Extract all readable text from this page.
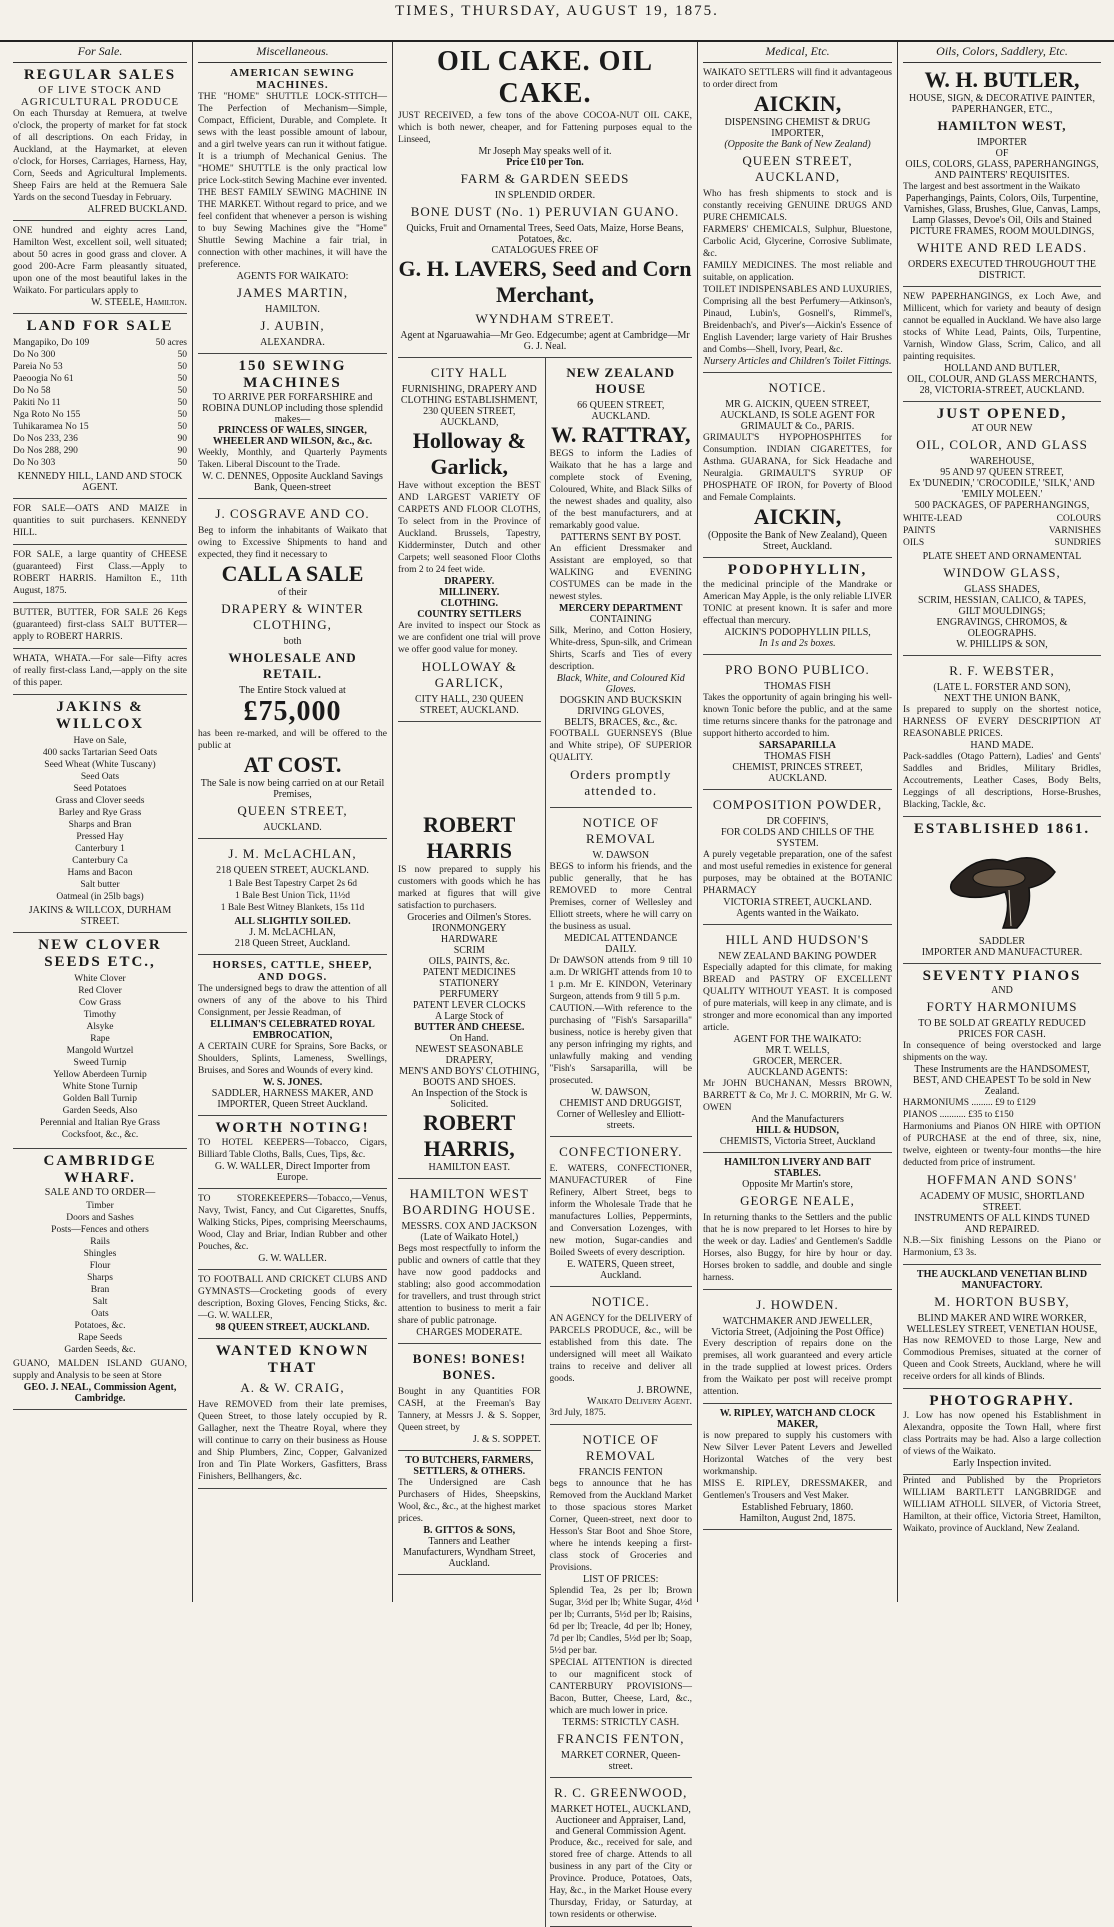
TIMES, THURSDAY, AUGUST 19, 1875.
For Sale.
REGULAR SALES
OF LIVE STOCK AND AGRICULTURAL PRODUCE
On each Thursday at Remuera, at twelve o'clock, the property of market for fat stock of all descriptions. On each Friday, in Auckland, at the Haymarket, at eleven o'clock, for Horses, Carriages, Harness, Hay, Corn, Seeds and Agricultural Implements. Sheep Fairs are held at the Remuera Sale Yards on the second Tuesday in February.
ALFRED BUCKLAND.
ONE hundred and eighty acres Land, Hamilton West, excellent soil, well situated; about 50 acres in good grass and clover. A good 200-Acre Farm pleasantly situated, upon one of the most beautiful lakes in the Waikato. For particulars apply to
W. STEELE, Hamilton.
LAND FOR SALE
Mangapiko, Do 109	50 acres
Do No 300	50
Pareia No 53	50
Paeoogia No 61	50
Do No 58	50
Pakiti No 11	50
Nga Roto No 155	50
Tuhikaramea No 15	50
Do Nos 233, 236	90
Do Nos 288, 290	90
Do No 303	50
KENNEDY HILL, LAND AND STOCK AGENT.
FOR SALE—OATS AND MAIZE in quantities to suit purchasers. KENNEDY HILL.
FOR SALE, a large quantity of CHEESE (guaranteed) First Class.—Apply to ROBERT HARRIS. Hamilton E., 11th August, 1875.
BUTTER, BUTTER, FOR SALE 26 Kegs (guaranteed) first-class SALT BUTTER—apply to ROBERT HARRIS.
WHATA, WHATA.—For sale—Fifty acres of really first-class Land,—apply on the site of this paper.
JAKINS & WILLCOX
Have on Sale,
400 sacks Tartarian Seed Oats
Seed Wheat (White Tuscany)
Seed Oats
Seed Potatoes
Grass and Clover seeds
Barley and Rye Grass
Sharps and Bran
Pressed Hay
Canterbury 1
Canterbury Ca
Hams and Bacon
Salt butter
Oatmeal (in 25lb bags)
JAKINS & WILLCOX, DURHAM STREET.
NEW CLOVER SEEDS ETC.,
White Clover
Red Clover
Cow Grass
Timothy
Alsyke
Rape
Mangold Wurtzel
Sweed Turnip
Yellow Aberdeen Turnip
White Stone Turnip
Golden Ball Turnip
Garden Seeds, Also
Perennial and Italian Rye Grass
Cocksfoot, &c., &c.
CAMBRIDGE WHARF.
SALE AND TO ORDER—
Timber
Doors and Sashes
Posts—Fences and others
Rails
Shingles
Flour
Sharps
Bran
Salt
Oats
Potatoes, &c.
Rape Seeds
Garden Seeds, &c.
GUANO, MALDEN ISLAND GUANO, supply and Analysis to be seen at Store
GEO. J. NEAL, Commission Agent, Cambridge.
Miscellaneous.
AMERICAN SEWING MACHINES.
THE "HOME" SHUTTLE LOCK-STITCH—The Perfection of Mechanism—Simple, Compact, Efficient, Durable, and Complete. It sews with the least possible amount of labour, and a girl twelve years can run it without fatigue. It is a triumph of Mechanical Genius. The "HOME" SHUTTLE is the only practical low price Lock-stitch Sewing Machine ever invented. THE BEST FAMILY SEWING MACHINE IN THE MARKET. Without regard to price, and we feel confident that whenever a person is wishing to buy Sewing Machines give the "Home" Shuttle Sewing Machine a fair trial, in connection with other machines, it will have the preference.
AGENTS FOR WAIKATO:
JAMES MARTIN,
HAMILTON.
J. AUBIN,
ALEXANDRA.
150 SEWING MACHINES
TO ARRIVE PER FORFARSHIRE and ROBINA DUNLOP including those splendid makes—
PRINCESS OF WALES, SINGER, WHEELER AND WILSON, &c., &c.
Weekly, Monthly, and Quarterly Payments Taken. Liberal Discount to the Trade.
W. C. DENNES, Opposite Auckland Savings Bank, Queen-street
J. COSGRAVE AND CO.
Beg to inform the inhabitants of Waikato that owing to Excessive Shipments to hand and expected, they find it necessary to
CALL A SALE
of their
DRAPERY & WINTER CLOTHING,
both
WHOLESALE AND RETAIL.
The Entire Stock valued at
£75,000
has been re-marked, and will be offered to the public at
AT COST.
The Sale is now being carried on at our Retail Premises,
QUEEN STREET,
AUCKLAND.
J. M. McLACHLAN,
218 QUEEN STREET, AUCKLAND.
1 Bale Best Tapestry Carpet 2s 6d
1 Bale Best Union Tick, 11½d
1 Bale Best Witney Blankets, 15s 11d
ALL SLIGHTLY SOILED.
J. M. McLACHLAN,
218 Queen Street, Auckland.
HORSES, CATTLE, SHEEP, AND DOGS.
The undersigned begs to draw the attention of all owners of any of the above to his Third Consignment, per Jessie Readman, of
ELLIMAN'S CELEBRATED ROYAL EMBROCATION,
A CERTAIN CURE for Sprains, Sore Backs, or Shoulders, Splints, Lameness, Swellings, Bruises, and Sores and Wounds of every kind.
W. S. JONES.
SADDLER, HARNESS MAKER, AND IMPORTER, Queen Street Auckland.
WORTH NOTING!
TO HOTEL KEEPERS—Tobacco, Cigars, Billiard Table Cloths, Balls, Cues, Tips, &c.
G. W. WALLER, Direct Importer from Europe.
TO STOREKEEPERS—Tobacco,—Venus, Navy, Twist, Fancy, and Cut Cigarettes, Snuffs, Walking Sticks, Pipes, comprising Meerschaums, Wood, Clay and Briar, Indian Rubber and other Pouches, &c.
G. W. WALLER.
TO FOOTBALL AND CRICKET CLUBS AND GYMNASTS—Crocketing goods of every description, Boxing Gloves, Fencing Sticks, &c.—G. W. WALLER,
98 QUEEN STREET, AUCKLAND.
WANTED KNOWN THAT
A. & W. CRAIG,
Have REMOVED from their late premises, Queen Street, to those lately occupied by R. Gallagher, next the Theatre Royal, where they will continue to carry on their business as House and Ship Plumbers, Zinc, Copper, Galvanized Iron and Tin Plate Workers, Gasfitters, Brass Finishers, Bellhangers, &c.
OIL CAKE. OIL CAKE.
JUST RECEIVED, a few tons of the above COCOA-NUT OIL CAKE, which is both newer, cheaper, and for Fattening purposes equal to the Linseed,
Mr Joseph May speaks well of it.
Price £10 per Ton.
FARM & GARDEN SEEDS
IN SPLENDID ORDER.
BONE DUST (No. 1) PERUVIAN GUANO.
Quicks, Fruit and Ornamental Trees, Seed Oats, Maize, Horse Beans, Potatoes, &c.
CATALOGUES FREE OF
G. H. LAVERS, Seed and Corn Merchant,
WYNDHAM STREET.
Agent at Ngaruawahia—Mr Geo. Edgecumbe; agent at Cambridge—Mr G. J. Neal.
CITY HALL
FURNISHING, DRAPERY AND CLOTHING ESTABLISHMENT,
230 QUEEN STREET, AUCKLAND,
Holloway & Garlick,
Have without exception the BEST AND LARGEST VARIETY OF CARPETS AND FLOOR CLOTHS, To select from in the Province of Auckland. Brussels, Tapestry, Kidderminster, Dutch and other Carpets; well seasoned Floor Cloths from 2 to 24 feet wide.
DRAPERY.
MILLINERY.
CLOTHING.
COUNTRY SETTLERS
Are invited to inspect our Stock as we are confident one trial will prove we offer good value for money.
HOLLOWAY & GARLICK,
CITY HALL, 230 QUEEN STREET, AUCKLAND.
NEW ZEALAND HOUSE
66 QUEEN STREET, AUCKLAND.
W. RATTRAY,
BEGS to inform the Ladies of Waikato that he has a large and complete stock of Evening, Coloured, White, and Black Silks of the newest shades and quality, also of the best manufacturers, and at remarkably good value.
PATTERNS SENT BY POST.
An efficient Dressmaker and Assistant are employed, so that WALKING and EVENING COSTUMES can be made in the newest styles.
MERCERY DEPARTMENT
CONTAINING
Silk, Merino, and Cotton Hosiery, White-dress, Spun-silk, and Crimean Shirts, Scarfs and Ties of every description.
Black, White, and Coloured Kid Gloves.
DOGSKIN AND BUCKSKIN DRIVING GLOVES,
BELTS, BRACES, &c., &c.
FOOTBALL GUERNSEYS (Blue and White stripe), OF SUPERIOR QUALITY.
Orders promptly attended to.
ROBERT HARRIS
IS now prepared to supply his customers with goods which he has marked at figures that will give satisfaction to purchasers.
Groceries and Oilmen's Stores.
IRONMONGERY
HARDWARE
SCRIM
OILS, PAINTS, &c.
PATENT MEDICINES
STATIONERY
PERFUMERY
PATENT LEVER CLOCKS
A Large Stock of
BUTTER AND CHEESE.
On Hand.
NEWEST SEASONABLE DRAPERY,
MEN'S AND BOYS' CLOTHING,
BOOTS AND SHOES.
An Inspection of the Stock is Solicited.
ROBERT HARRIS,
HAMILTON EAST.
HAMILTON WEST BOARDING HOUSE.
MESSRS. COX AND JACKSON (Late of Waikato Hotel,)
Begs most respectfully to inform the public and owners of cattle that they have now good paddocks and stabling; also good accommodation for travellers, and trust through strict attention to business to merit a fair share of public patronage.
CHARGES MODERATE.
BONES! BONES! BONES.
Bought in any Quantities FOR CASH, at the Freeman's Bay Tannery, at Messrs J. & S. Sopper, Queen street, by
J. & S. SOPPET.
TO BUTCHERS, FARMERS, SETTLERS, & OTHERS.
The Undersigned are Cash Purchasers of Hides, Sheepskins, Wool, &c., &c., at the highest market prices.
B. GITTOS & SONS,
Tanners and Leather Manufacturers, Wyndham Street, Auckland.
NOTICE OF REMOVAL
W. DAWSON
BEGS to inform his friends, and the public generally, that he has REMOVED to more Central Premises, corner of Wellesley and Elliott streets, where he will carry on the business as usual.
MEDICAL ATTENDANCE DAILY.
Dr DAWSON attends from 9 till 10 a.m. Dr WRIGHT attends from 10 to 1 p.m. Mr E. KINDON, Veterinary Surgeon, attends from 9 till 5 p.m.
CAUTION.—With reference to the purchasing of "Fish's Sarsaparilla" business, notice is hereby given that any person infringing my rights, and unlawfully making and vending "Fish's Sarsaparilla, will be prosecuted.
W. DAWSON,
CHEMIST AND DRUGGIST, Corner of Wellesley and Elliott-streets.
CONFECTIONERY.
E. WATERS, CONFECTIONER, MANUFACTURER of Fine Refinery, Albert Street, begs to inform the Wholesale Trade that he manufactures Lollies, Peppermints, and Conversation Lozenges, with new motion, Sugar-candies and Boiled Sweets of every description.
E. WATERS, Queen street, Auckland.
NOTICE.
AN AGENCY for the DELIVERY of PARCELS PRODUCE, &c., will be established from this date. The undersigned will meet all Waikato trains to receive and deliver all goods.
J. BROWNE,
Waikato Delivery Agent.
3rd July, 1875.
NOTICE OF REMOVAL
FRANCIS FENTON
begs to announce that he has Removed from the Auckland Market to those spacious stores Market Corner, Queen-street, next door to Hesson's Star Boot and Shoe Store, where he intends keeping a first-class stock of Groceries and Provisions.
LIST OF PRICES:
Splendid Tea, 2s per lb; Brown Sugar, 3½d per lb; White Sugar, 4½d per lb; Currants, 5½d per lb; Raisins, 6d per lb; Treacle, 4d per lb; Honey, 7d per lb; Candles, 5½d per lb; Soap, 5½d per bar.
SPECIAL ATTENTION is directed to our magnificent stock of CANTERBURY PROVISIONS—Bacon, Butter, Cheese, Lard, &c., which are much lower in price.
TERMS: STRICTLY CASH.
FRANCIS FENTON,
MARKET CORNER, Queen-street.
R. C. GREENWOOD,
MARKET HOTEL, AUCKLAND, Auctioneer and Appraiser, Land, and General Commission Agent.
Produce, &c., received for sale, and stored free of charge. Attends to all business in any part of the City or Province. Produce, Potatoes, Oats, Hay, &c., in the Market House every Thursday, Friday, or Saturday, at town residents or otherwise.
Medical, Etc.
WAIKATO SETTLERS will find it advantageous to order direct from
AICKIN,
DISPENSING CHEMIST & DRUG IMPORTER,
(Opposite the Bank of New Zealand)
QUEEN STREET, AUCKLAND,
Who has fresh shipments to stock and is constantly receiving GENUINE DRUGS AND PURE CHEMICALS.
FARMERS' CHEMICALS, Sulphur, Bluestone, Carbolic Acid, Glycerine, Corrosive Sublimate, &c.
FAMILY MEDICINES. The most reliable and suitable, on application.
TOILET INDISPENSABLES AND LUXURIES, Comprising all the best Perfumery—Atkinson's, Pinaud, Lubin's, Gosnell's, Rimmel's, Breidenbach's, and Piver's—Aickin's Essence of English Lavender; large variety of Hair Brushes and Combs—Shell, Ivory, Pearl, &c.
Nursery Articles and Children's Toilet Fittings.
NOTICE.
MR G. AICKIN, QUEEN STREET, AUCKLAND, IS SOLE AGENT FOR GRIMAULT & Co., PARIS.
GRIMAULT'S HYPOPHOSPHITES for Consumption. INDIAN CIGARETTES, for Asthma. GUARANA, for Sick Headache and Neuralgia. GRIMAULT'S SYRUP OF PHOSPHATE OF IRON, for Poverty of Blood and Female Complaints.
AICKIN,
(Opposite the Bank of New Zealand), Queen Street, Auckland.
PODOPHYLLIN,
the medicinal principle of the Mandrake or American May Apple, is the only reliable LIVER TONIC at present known. It is safer and more effectual than mercury.
AICKIN'S PODOPHYLLIN PILLS,
In 1s and 2s boxes.
PRO BONO PUBLICO.
THOMAS FISH
Takes the opportunity of again bringing his well-known Tonic before the public, and at the same time returns sincere thanks for the patronage and support hitherto accorded to him.
SARSAPARILLA
THOMAS FISH
CHEMIST, PRINCES STREET, AUCKLAND.
COMPOSITION POWDER,
DR COFFIN'S,
FOR COLDS AND CHILLS OF THE SYSTEM.
A purely vegetable preparation, one of the safest and most useful remedies in existence for general purposes, may be obtained at the BOTANIC PHARMACY
VICTORIA STREET, AUCKLAND.
Agents wanted in the Waikato.
HILL AND HUDSON'S
NEW ZEALAND BAKING POWDER
Especially adapted for this climate, for making BREAD and PASTRY OF EXCELLENT QUALITY WITHOUT YEAST. It is composed of pure materials, will keep in any climate, and is stronger and more economical than any imported article.
AGENT FOR THE WAIKATO:
MR T. WELLS,
GROCER, MERCER.
AUCKLAND AGENTS:
Mr JOHN BUCHANAN, Messrs BROWN, BARRETT & Co, Mr J. C. MORRIN, Mr G. W. OWEN
And the Manufacturers
HILL & HUDSON,
CHEMISTS, Victoria Street, Auckland
HAMILTON LIVERY AND BAIT STABLES.
Opposite Mr Martin's store,
GEORGE NEALE,
In returning thanks to the Settlers and the public that he is now prepared to let Horses to hire by the week or day. Ladies' and Gentlemen's Saddle Horses, also Buggy, for hire by hour or day. Horses broken to saddle, and double and single harness.
J. HOWDEN.
WATCHMAKER AND JEWELLER,
Victoria Street, (Adjoining the Post Office)
Every description of repairs done on the premises, all work guaranteed and every article in the trade supplied at lowest prices. Orders from the Waikato per post will receive prompt attention.
W. RIPLEY, WATCH AND CLOCK MAKER,
is now prepared to supply his customers with New Silver Lever Patent Levers and Jewelled Horizontal Watches of the very best workmanship.
MISS E. RIPLEY, DRESSMAKER, and Gentlemen's Trousers and Vest Maker.
Established February, 1860.
Hamilton, August 2nd, 1875.
Oils, Colors, Saddlery, Etc.
W. H. BUTLER,
HOUSE, SIGN, & DECORATIVE PAINTER,
PAPERHANGER, ETC.,
HAMILTON WEST,
IMPORTER
OF
OILS, COLORS, GLASS, PAPERHANGINGS, AND PAINTERS' REQUISITES.
The largest and best assortment in the Waikato
Paperhangings, Paints, Colors, Oils, Turpentine, Varnishes, Glass, Brushes, Glue, Canvas, Lamps, Lamp Glasses, Devoe's Oil, Oils and Stained
PICTURE FRAMES, ROOM MOULDINGS,
WHITE AND RED LEADS.
ORDERS EXECUTED THROUGHOUT THE DISTRICT.
NEW PAPERHANGINGS, ex Loch Awe, and Millicent, which for variety and beauty of design cannot be equalled in Auckland. We have also large stocks of White Lead, Paints, Oils, Turpentine, Varnish, Window Glass, Scrim, Calico, and all painting requisites.
HOLLAND AND BUTLER,
OIL, COLOUR, AND GLASS MERCHANTS, 28, VICTORIA-STREET, AUCKLAND.
JUST OPENED,
AT OUR NEW
OIL, COLOR, AND GLASS
WAREHOUSE,
95 AND 97 QUEEN STREET,
Ex 'DUNEDIN,' 'CROCODILE,' 'SILK,' AND 'EMILY MOLEEN.'
500 PACKAGES, OF PAPERHANGINGS,
WHITE-LEAD	COLOURS
PAINTS	VARNISHES
OILS	SUNDRIES
PLATE SHEET AND ORNAMENTAL
WINDOW GLASS,
GLASS SHADES,
SCRIM, HESSIAN, CALICO, & TAPES,
GILT MOULDINGS;
ENGRAVINGS, CHROMOS, & OLEOGRAPHS.
W. PHILLIPS & SON,
R. F. WEBSTER,
(LATE L. FORSTER AND SON),
NEXT THE UNION BANK,
Is prepared to supply on the shortest notice, HARNESS OF EVERY DESCRIPTION AT REASONABLE PRICES.
HAND MADE.
Pack-saddles (Otago Pattern), Ladies' and Gents' Saddles and Bridles, Military Bridles, Accoutrements, Leather Cases, Body Belts, Leggings of all descriptions, Horse-Brushes, Blacking, Tackle, &c.
ESTABLISHED 1861.
SADDLER
IMPORTER AND MANUFACTURER.
SEVENTY PIANOS
AND
FORTY HARMONIUMS
TO BE SOLD AT GREATLY REDUCED PRICES FOR CASH.
In consequence of being overstocked and large shipments on the way.
These Instruments are the HANDSOMEST, BEST, AND CHEAPEST To be sold in New Zealand.
HARMONIUMS ......... £9 to £129
PIANOS ........... £35 to £150
Harmoniums and Pianos ON HIRE with OPTION of PURCHASE at the end of three, six, nine, twelve, eighteen or twenty-four months—the hire deducted from price of instrument.
HOFFMAN AND SONS'
ACADEMY OF MUSIC, SHORTLAND STREET.
INSTRUMENTS OF ALL KINDS TUNED AND REPAIRED.
N.B.—Six finishing Lessons on the Piano or Harmonium, £3 3s.
THE AUCKLAND VENETIAN BLIND MANUFACTORY.
M. HORTON BUSBY,
BLIND MAKER AND WIRE WORKER,
WELLESLEY STREET, VENETIAN HOUSE,
Has now REMOVED to those Large, New and Commodious Premises, situated at the corner of Queen and Cook Streets, Auckland, where he will receive orders for all kinds of Blinds.
PHOTOGRAPHY.
J. Low has now opened his Establishment in Alexandra, opposite the Town Hall, where first class Portraits may be had. Also a large collection of views of the Waikato.
Early Inspection invited.
Printed and Published by the Proprietors WILLIAM BARTLETT LANGBRIDGE and WILLIAM ATHOLL SILVER, of Victoria Street, Hamilton, at their office, Victoria Street, Hamilton, Waikato, province of Auckland, New Zealand.
